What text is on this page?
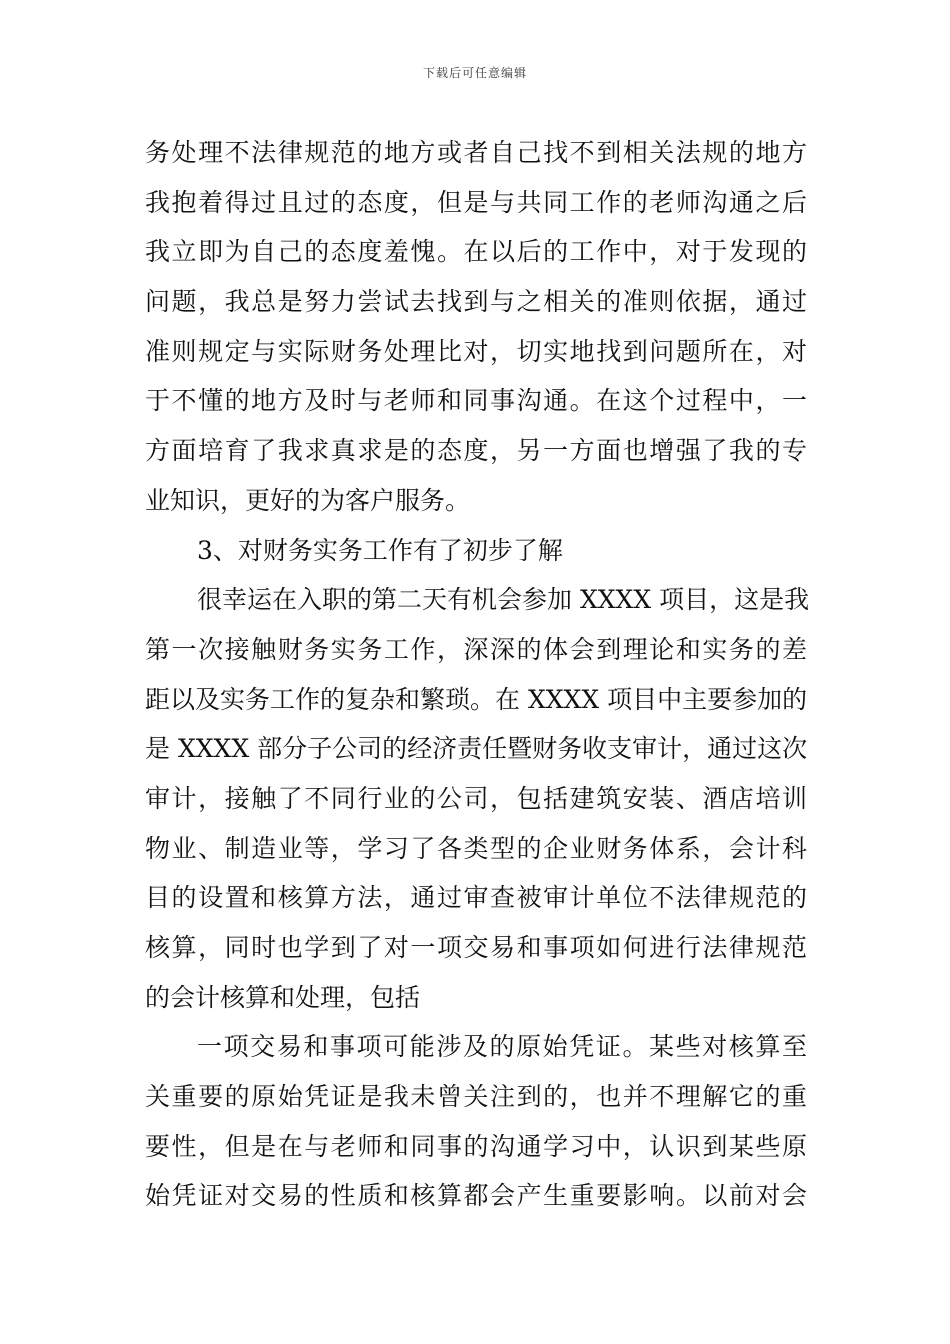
下载后可任意编辑
务处理不法律规范的地方或者自己找不到相关法规的地方
我抱着得过且过的态度，但是与共同工作的老师沟通之后
我立即为自己的态度羞愧。在以后的工作中，对于发现的
问题，我总是努力尝试去找到与之相关的准则依据，通过
准则规定与实际财务处理比对，切实地找到问题所在，对
于不懂的地方及时与老师和同事沟通。在这个过程中，一
方面培育了我求真求是的态度，另一方面也增强了我的专
业知识，更好的为客户服务。
3、对财务实务工作有了初步了解
很幸运在入职的第二天有机会参加 XXXX 项目，这是我
第一次接触财务实务工作，深深的体会到理论和实务的差
距以及实务工作的复杂和繁琐。在 XXXX 项目中主要参加的
是 XXXX 部分子公司的经济责任暨财务收支审计，通过这次
审计，接触了不同行业的公司，包括建筑安装、酒店培训
物业、制造业等，学习了各类型的企业财务体系，会计科
目的设置和核算方法，通过审查被审计单位不法律规范的
核算，同时也学到了对一项交易和事项如何进行法律规范
的会计核算和处理，包括
一项交易和事项可能涉及的原始凭证。某些对核算至
关重要的原始凭证是我未曾关注到的，也并不理解它的重
要性，但是在与老师和同事的沟通学习中，认识到某些原
始凭证对交易的性质和核算都会产生重要影响。以前对会
